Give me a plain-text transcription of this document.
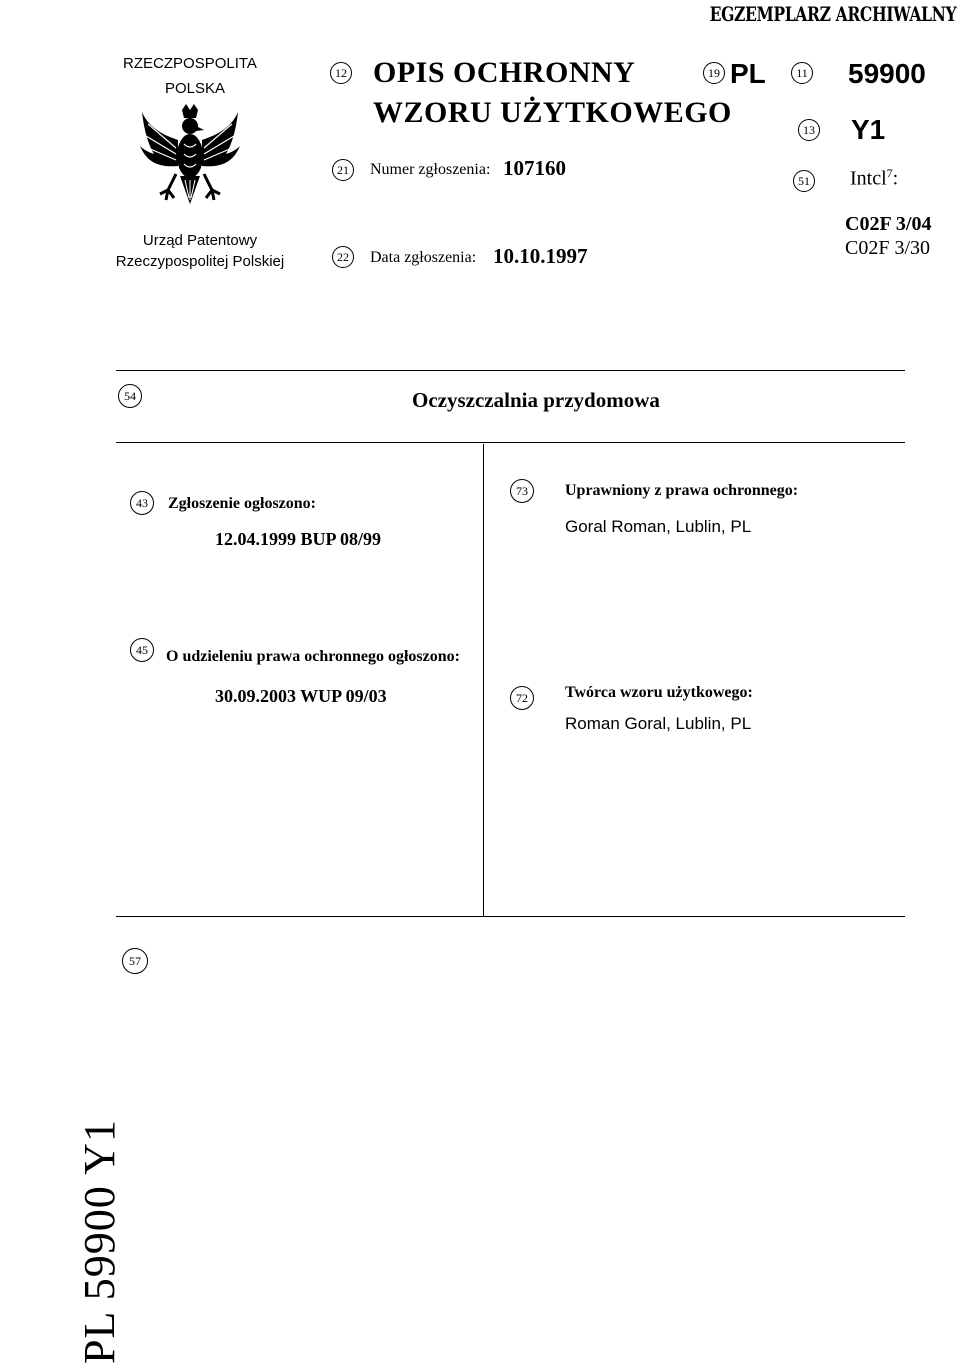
EGZEMPLARZ ARCHIWALNY
RZECZPOSPOLITA
POLSKA
Urząd Patentowy
Rzeczypospolitej Polskiej
12 OPIS OCHRONNY
WZORU UŻYTKOWEGO
19 PL	11 59900
13 Y1
21	Numer zgłoszenia: 107160
51 Intcl$^7$:
C02F 3/04
C02F 3/30
22	Data zgłoszenia: 10.10.1997
54	Oczyszczalnia przydomowa
43	Zgłoszenie ogłoszono:
12.04.1999 BUP 08/99
45	O udzieleniu prawa ochronnego ogłoszono:
30.09.2003 WUP 09/03
73	Uprawniony z prawa ochronnego:
Goral Roman, Lublin, PL
72	Twórca wzoru użytkowego:
Roman Goral, Lublin, PL
57
PL 59900 Y1
